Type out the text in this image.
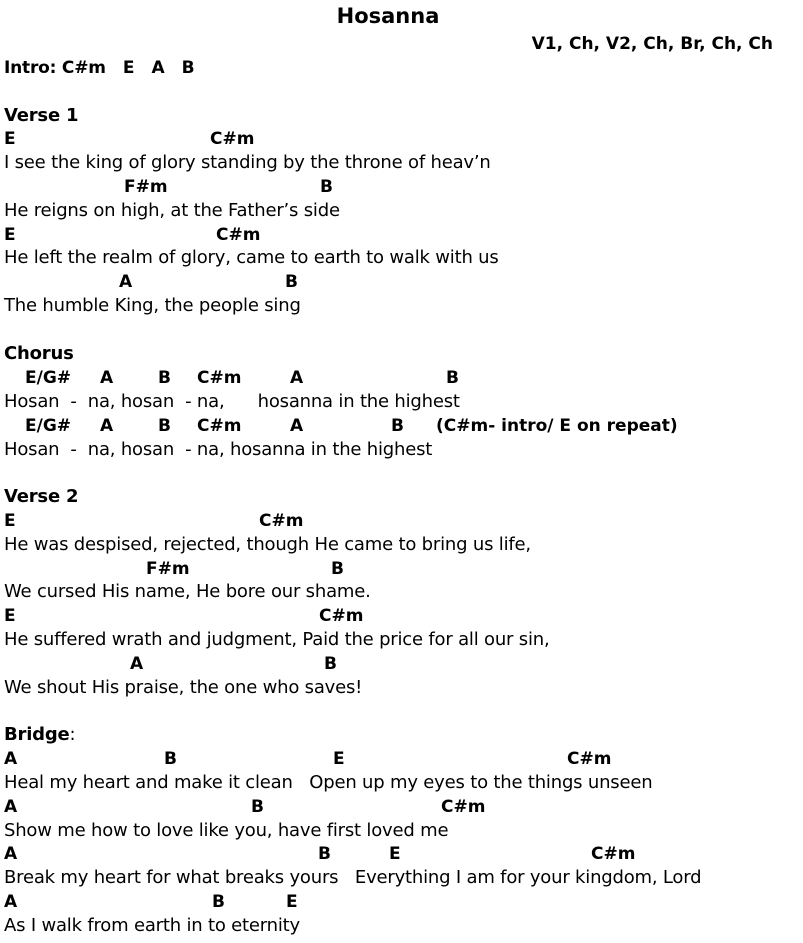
Hosanna
V1, Ch, V2, Ch, Br, Ch, Ch
Intro: C#m   E   A   B
Verse 1
E	C#m
I see the king of glory standing by the throne of heav’n
F#m	B
He reigns on high, at the Father’s side
E	C#m
He left the realm of glory, came to earth to walk with us
A	B
The humble King, the people sing
Chorus
E/G# A	B C#m	A	B
Hosan  -  na, hosan  - na,      hosanna in the highest
E/G# A	B C#m	A	B (C#m- intro/ E on repeat)
Hosan  -  na, hosan  - na, hosanna in the highest
Verse 2
E	C#m
He was despised, rejected, though He came to bring us life,
F#m	B
We cursed His name, He bore our shame.
E	C#m
He suffered wrath and judgment, Paid the price for all our sin,
A	B
We shout His praise, the one who saves!
Bridge:
A	B	E	C#m
Heal my heart and make it clean   Open up my eyes to the things unseen
A	B	C#m
Show me how to love like you, have first loved me
A	B	E	C#m
Break my heart for what breaks yours   Everything I am for your kingdom, Lord
A	B	E
As I walk from earth in to eternity
